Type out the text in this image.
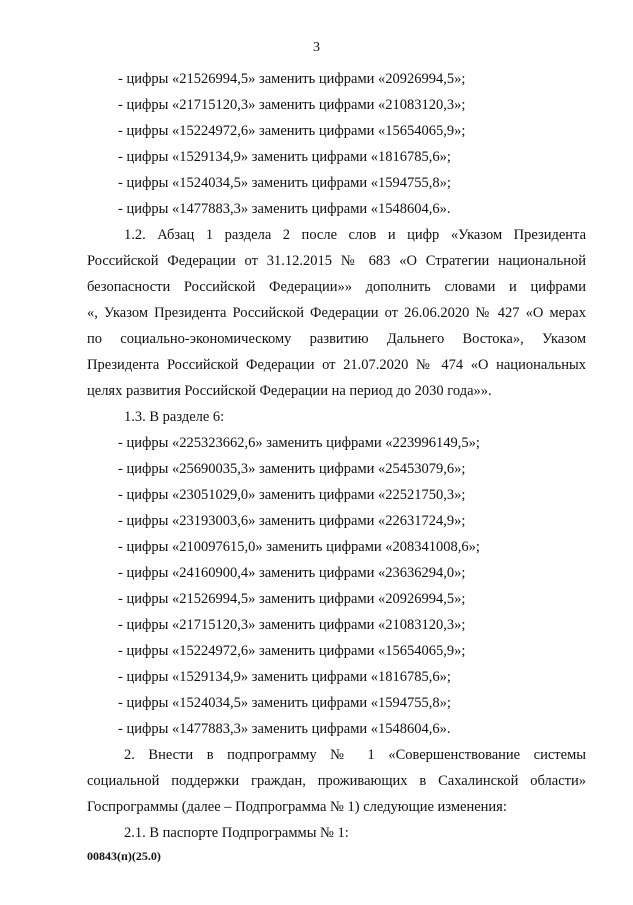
3
- цифры «21526994,5» заменить цифрами «20926994,5»;
- цифры «21715120,3» заменить цифрами «21083120,3»;
- цифры «15224972,6» заменить цифрами «15654065,9»;
- цифры «1529134,9» заменить цифрами «1816785,6»;
- цифры «1524034,5» заменить цифрами «1594755,8»;
- цифры «1477883,3» заменить цифрами «1548604,6».
1.2. Абзац 1 раздела 2 после слов и цифр «Указом Президента
Российской Федерации от 31.12.2015 № 683 «О Стратегии национальной
безопасности Российской Федерации»» дополнить словами и цифрами
«, Указом Президента Российской Федерации от 26.06.2020 № 427 «О мерах
по социально-экономическому развитию Дальнего Востока», Указом
Президента Российской Федерации от 21.07.2020 № 474 «О национальных
целях развития Российской Федерации на период до 2030 года»».
1.3. В разделе 6:
- цифры «225323662,6» заменить цифрами «223996149,5»;
- цифры «25690035,3» заменить цифрами «25453079,6»;
- цифры «23051029,0» заменить цифрами «22521750,3»;
- цифры «23193003,6» заменить цифрами «22631724,9»;
- цифры «210097615,0» заменить цифрами «208341008,6»;
- цифры «24160900,4» заменить цифрами «23636294,0»;
- цифры «21526994,5» заменить цифрами «20926994,5»;
- цифры «21715120,3» заменить цифрами «21083120,3»;
- цифры «15224972,6» заменить цифрами «15654065,9»;
- цифры «1529134,9» заменить цифрами «1816785,6»;
- цифры «1524034,5» заменить цифрами «1594755,8»;
- цифры «1477883,3» заменить цифрами «1548604,6».
2. Внести в подпрограмму № 1 «Совершенствование системы
социальной поддержки граждан, проживающих в Сахалинской области»
Госпрограммы (далее – Подпрограмма № 1) следующие изменения:
2.1. В паспорте Подпрограммы № 1:
00843(п)(25.0)
